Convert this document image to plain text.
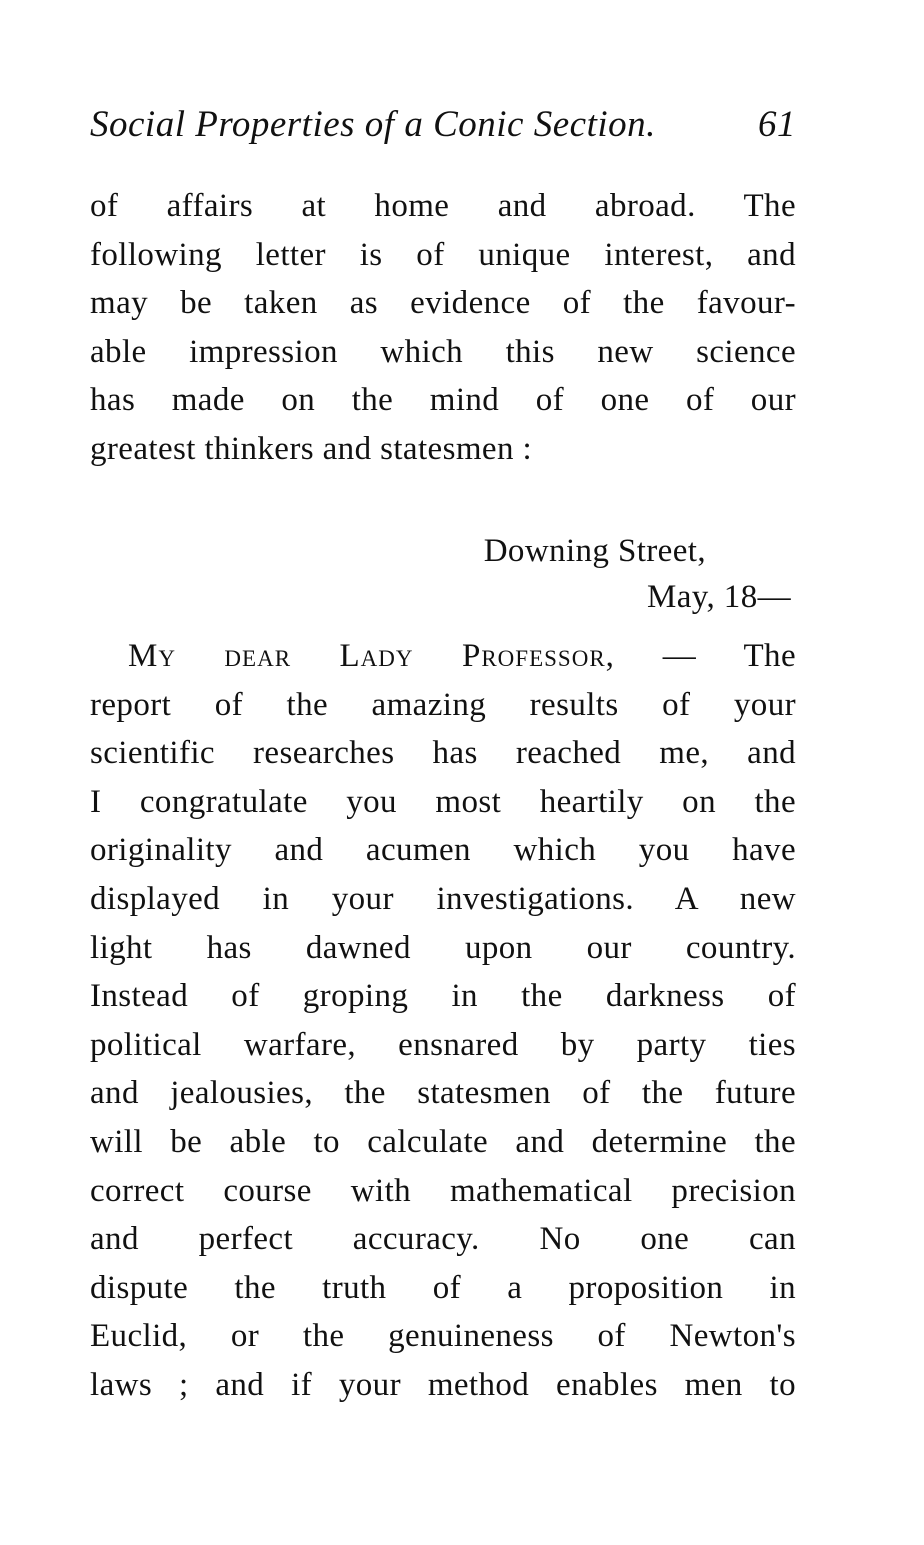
Social Properties of a Conic Section.	61
of affairs at home and abroad. The
following letter is of unique interest, and
may be taken as evidence of the favour-
able impression which this new science
has made on the mind of one of our
greatest thinkers and statesmen :
Downing Street,
May, 18—
My dear Lady Professor, — The
report of the amazing results of your
scientific researches has reached me, and
I congratulate you most heartily on the
originality and acumen which you have
displayed in your investigations. A new
light has dawned upon our country.
Instead of groping in the darkness of
political warfare, ensnared by party ties
and jealousies, the statesmen of the future
will be able to calculate and determine the
correct course with mathematical precision
and perfect accuracy. No one can
dispute the truth of a proposition in
Euclid, or the genuineness of Newton's
laws ; and if your method enables men to
